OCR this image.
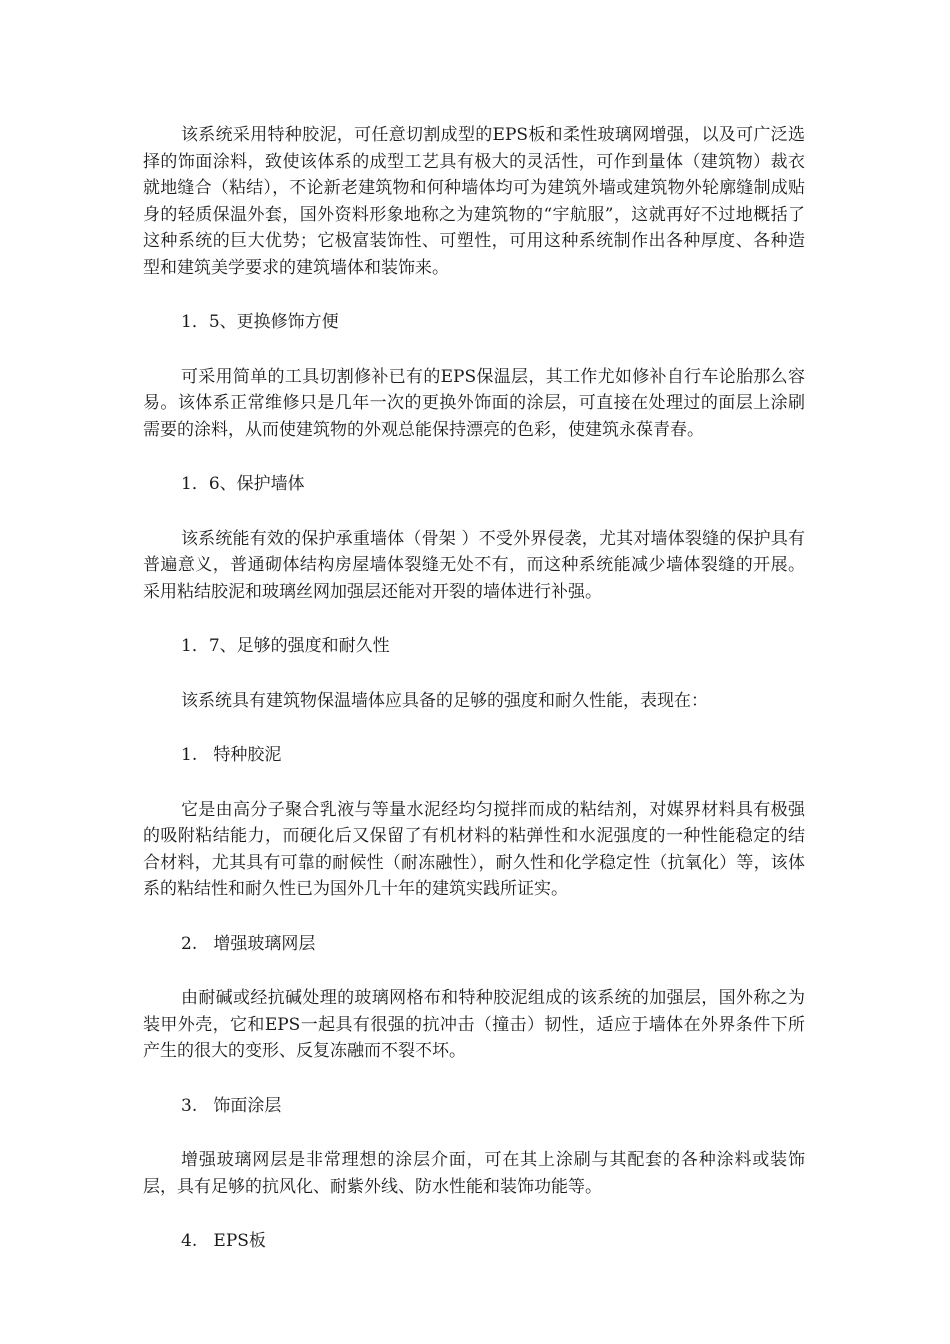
该系统采用特种胶泥，可任意切割成型的EPS板和柔性玻璃网增强，以及可广泛选择的饰面涂料，致使该体系的成型工艺具有极大的灵活性，可作到量体（建筑物）裁衣就地缝合（粘结），不论新老建筑物和何种墙体均可为建筑外墙或建筑物外轮廓缝制成贴身的轻质保温外套，国外资料形象地称之为建筑物的“宇航服”，这就再好不过地概括了这种系统的巨大优势；它极富装饰性、可塑性，可用这种系统制作出各种厚度、各种造型和建筑美学要求的建筑墙体和装饰来。

1．5、更换修饰方便

可采用简单的工具切割修补已有的EPS保温层，其工作尤如修补自行车论胎那么容易。该体系正常维修只是几年一次的更换外饰面的涂层，可直接在处理过的面层上涂刷需要的涂料，从而使建筑物的外观总能保持漂亮的色彩，使建筑永葆青春。

1．6、保护墙体

该系统能有效的保护承重墙体（骨架 ）不受外界侵袭，尤其对墙体裂缝的保护具有普遍意义，普通砌体结构房屋墙体裂缝无处不有，而这种系统能减少墙体裂缝的开展。采用粘结胶泥和玻璃丝网加强层还能对开裂的墙体进行补强。

1．7、足够的强度和耐久性

该系统具有建筑物保温墙体应具备的足够的强度和耐久性能，表现在：

1.   特种胶泥

它是由高分子聚合乳液与等量水泥经均匀搅拌而成的粘结剂，对媒界材料具有极强的吸附粘结能力，而硬化后又保留了有机材料的粘弹性和水泥强度的一种性能稳定的结合材料，尤其具有可靠的耐候性（耐冻融性），耐久性和化学稳定性（抗氧化）等，该体系的粘结性和耐久性已为国外几十年的建筑实践所证实。

2.   增强玻璃网层

由耐碱或经抗碱处理的玻璃网格布和特种胶泥组成的该系统的加强层，国外称之为装甲外壳，它和EPS一起具有很强的抗冲击（撞击）韧性，适应于墙体在外界条件下所产生的很大的变形、反复冻融而不裂不坏。

3.   饰面涂层

增强玻璃网层是非常理想的涂层介面，可在其上涂刷与其配套的各种涂料或装饰层，具有足够的抗风化、耐紫外线、防水性能和装饰功能等。

4.   EPS板
